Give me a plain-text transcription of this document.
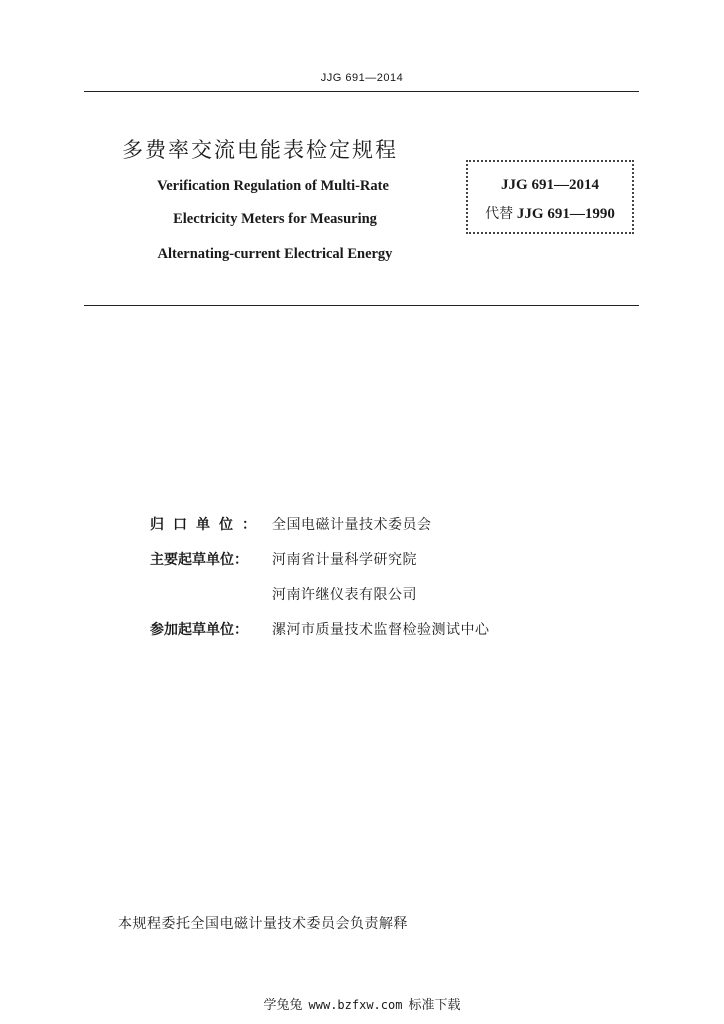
JJG 691—2014
多费率交流电能表检定规程
Verification Regulation of Multi-Rate
Electricity Meters for Measuring
Alternating-current Electrical Energy
JJG 691—2014
代替 JJG 691—1990
归口单位： 全国电磁计量技术委员会
主要起草单位：	河南省计量科学研究院
河南许继仪表有限公司
参加起草单位：	漯河市质量技术监督检验测试中心
本规程委托全国电磁计量技术委员会负责解释
学兔兔 www.bzfxw.com 标准下载
